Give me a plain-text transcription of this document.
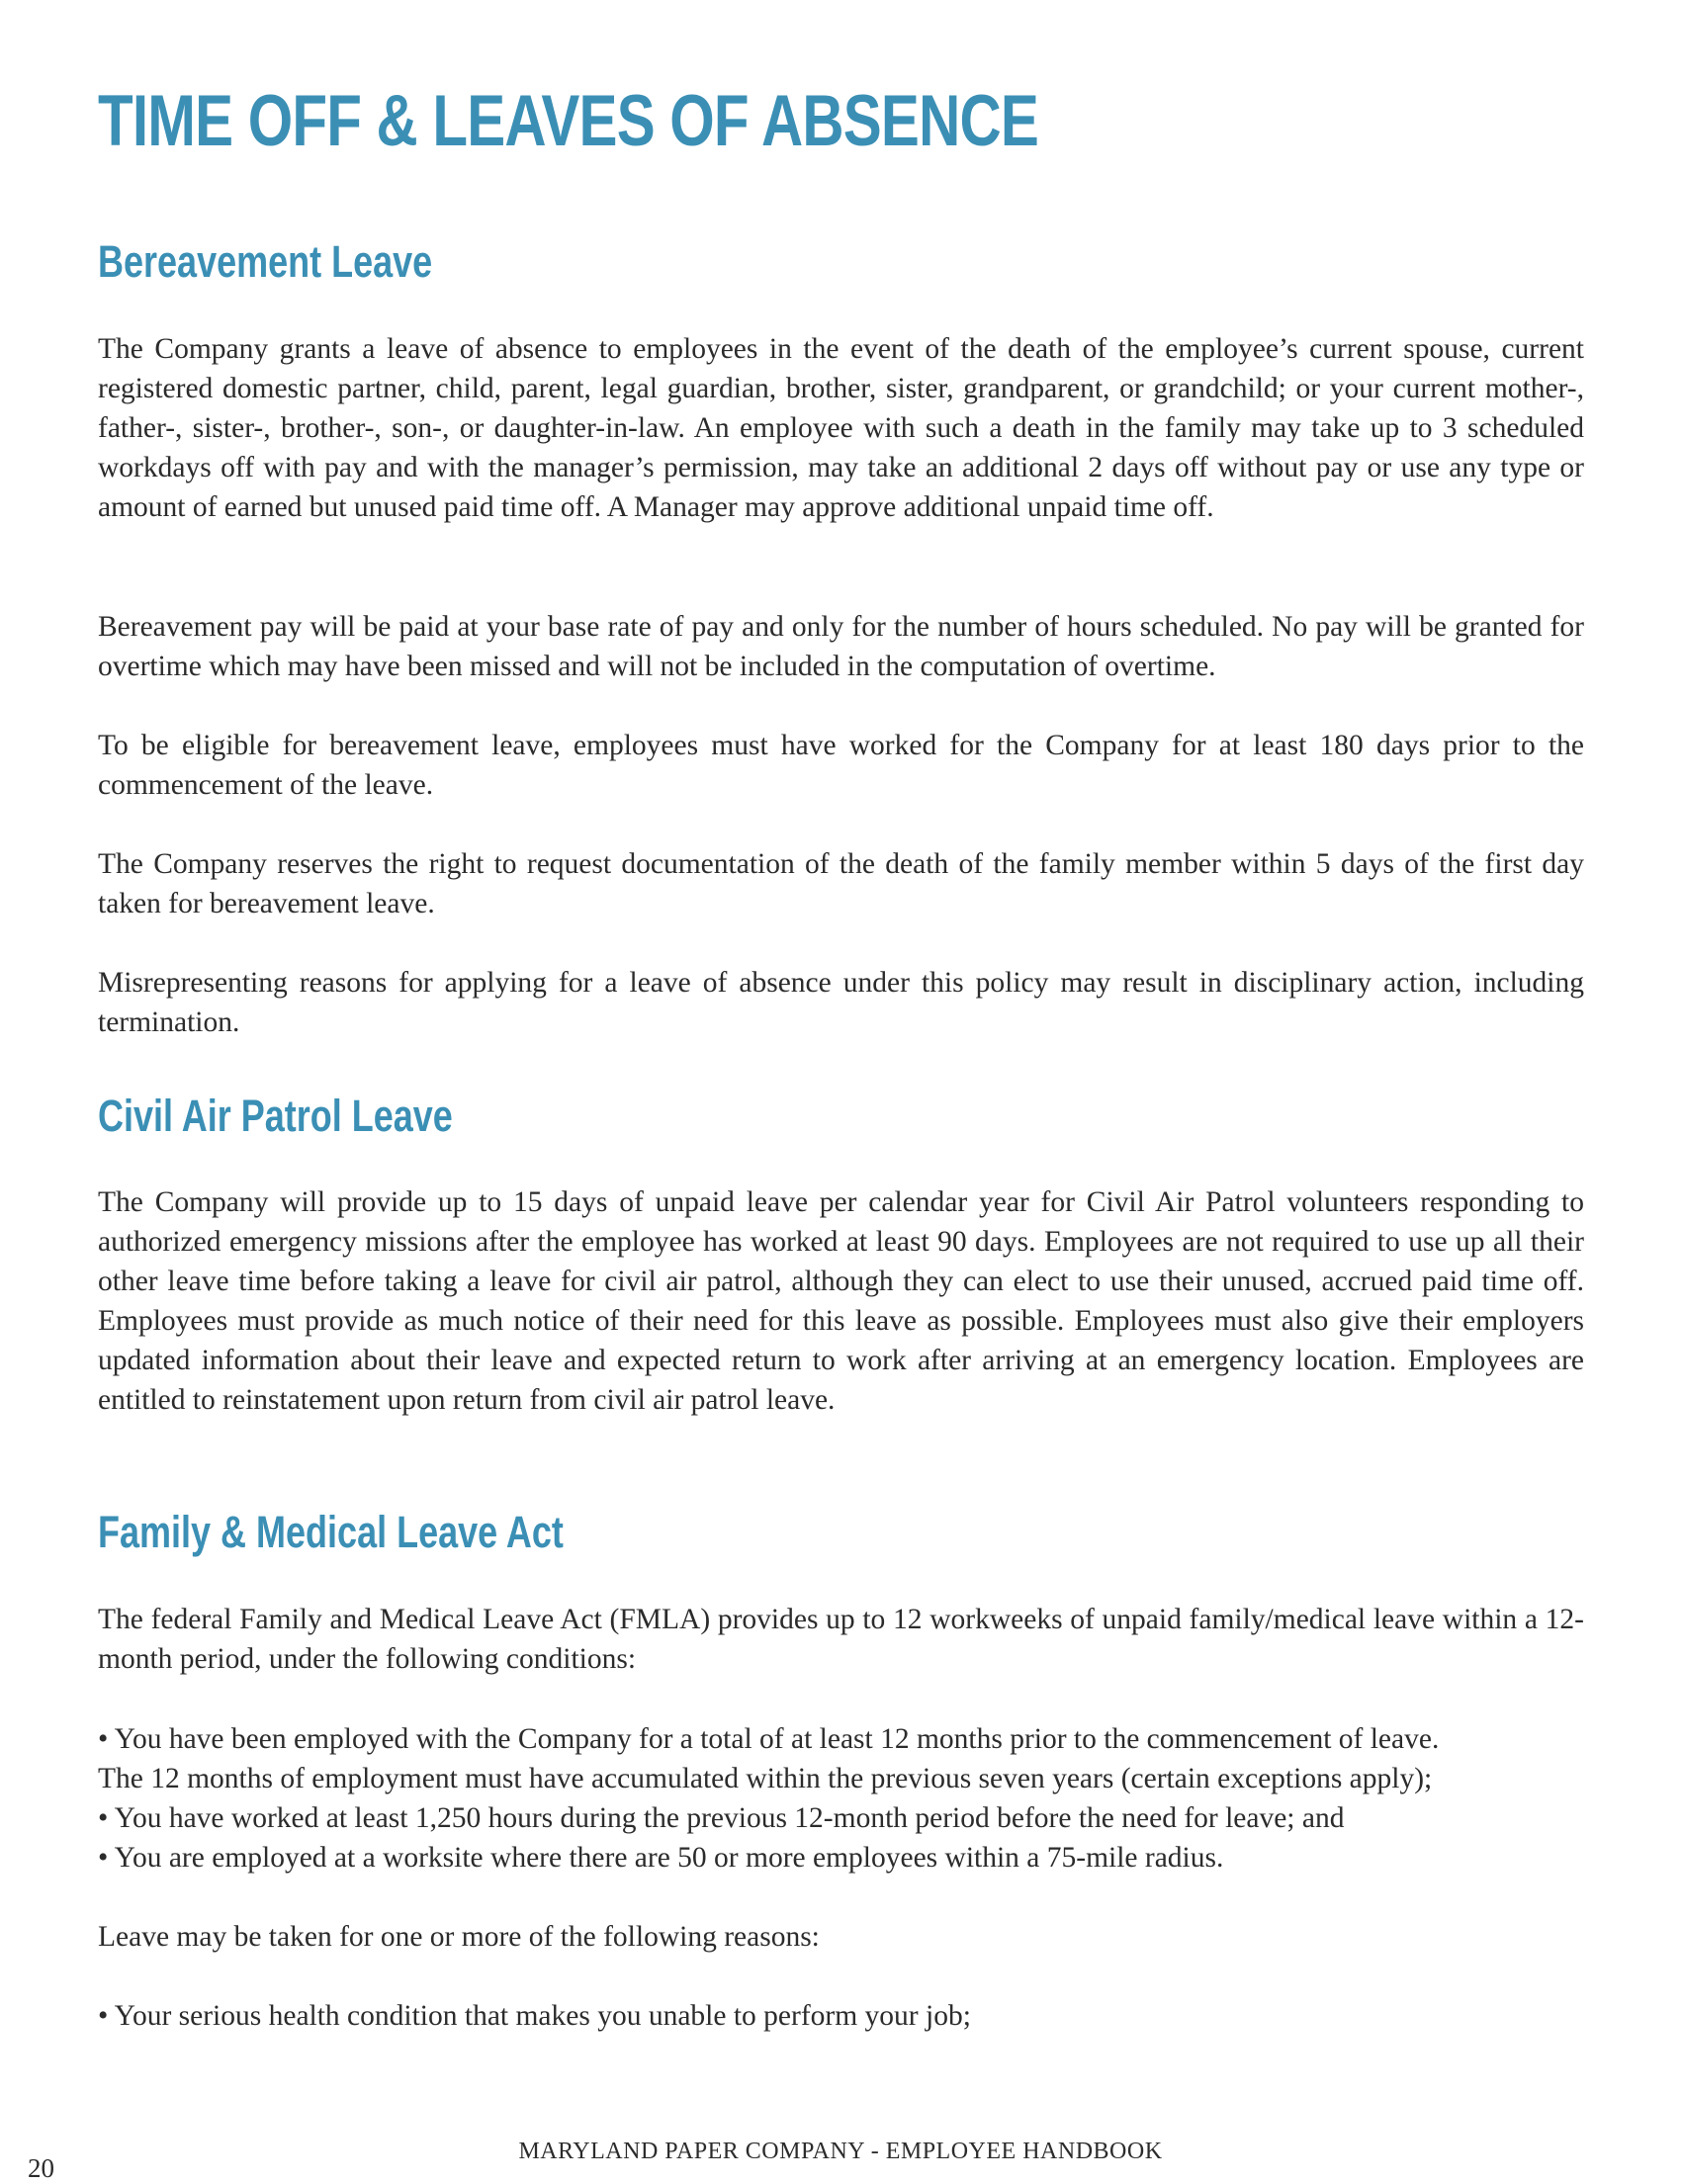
TIME OFF & LEAVES OF ABSENCE
Bereavement Leave

The Company grants a leave of absence to employees in the event of the death of the employee’s current spouse, current registered domestic partner, child, parent, legal guardian, brother, sister, grandparent, or grandchild; or your current mother-, father-, sister-, brother-, son-, or daughter-in-law. An employee with such a death in the family may take up to 3 scheduled workdays off with pay and with the manager’s permission, may take an additional 2 days off without pay or use any type or amount of earned but unused paid time off. A Manager may approve additional unpaid time off.

Bereavement pay will be paid at your base rate of pay and only for the number of hours scheduled. No pay will be granted for overtime which may have been missed and will not be included in the computation of overtime.

To be eligible for bereavement leave, employees must have worked for the Company for at least 180 days prior to the commencement of the leave.

The Company reserves the right to request documentation of the death of the family member within 5 days of the first day taken for bereavement leave.

Misrepresenting reasons for applying for a leave of absence under this policy may result in disciplinary action, including termination.

Civil Air Patrol Leave

The Company will provide up to 15 days of unpaid leave per calendar year for Civil Air Patrol volunteers responding to authorized emergency missions after the employee has worked at least 90 days. Employees are not required to use up all their other leave time before taking a leave for civil air patrol, although they can elect to use their unused, accrued paid time off. Employees must provide as much notice of their need for this leave as possible. Employees must also give their employers updated information about their leave and expected return to work after arriving at an emergency location. Employees are entitled to reinstatement upon return from civil air patrol leave.

Family & Medical Leave Act

The federal Family and Medical Leave Act (FMLA) provides up to 12 workweeks of unpaid family/medical leave within a 12-month period, under the following conditions:

• You have been employed with the Company for a total of at least 12 months prior to the commencement of leave.

The 12 months of employment must have accumulated within the previous seven years (certain exceptions apply);

• You have worked at least 1,250 hours during the previous 12-month period before the need for leave; and

• You are employed at a worksite where there are 50 or more employees within a 75-mile radius.

Leave may be taken for one or more of the following reasons:

• Your serious health condition that makes you unable to perform your job;

20
MARYLAND PAPER COMPANY - EMPLOYEE HANDBOOK
